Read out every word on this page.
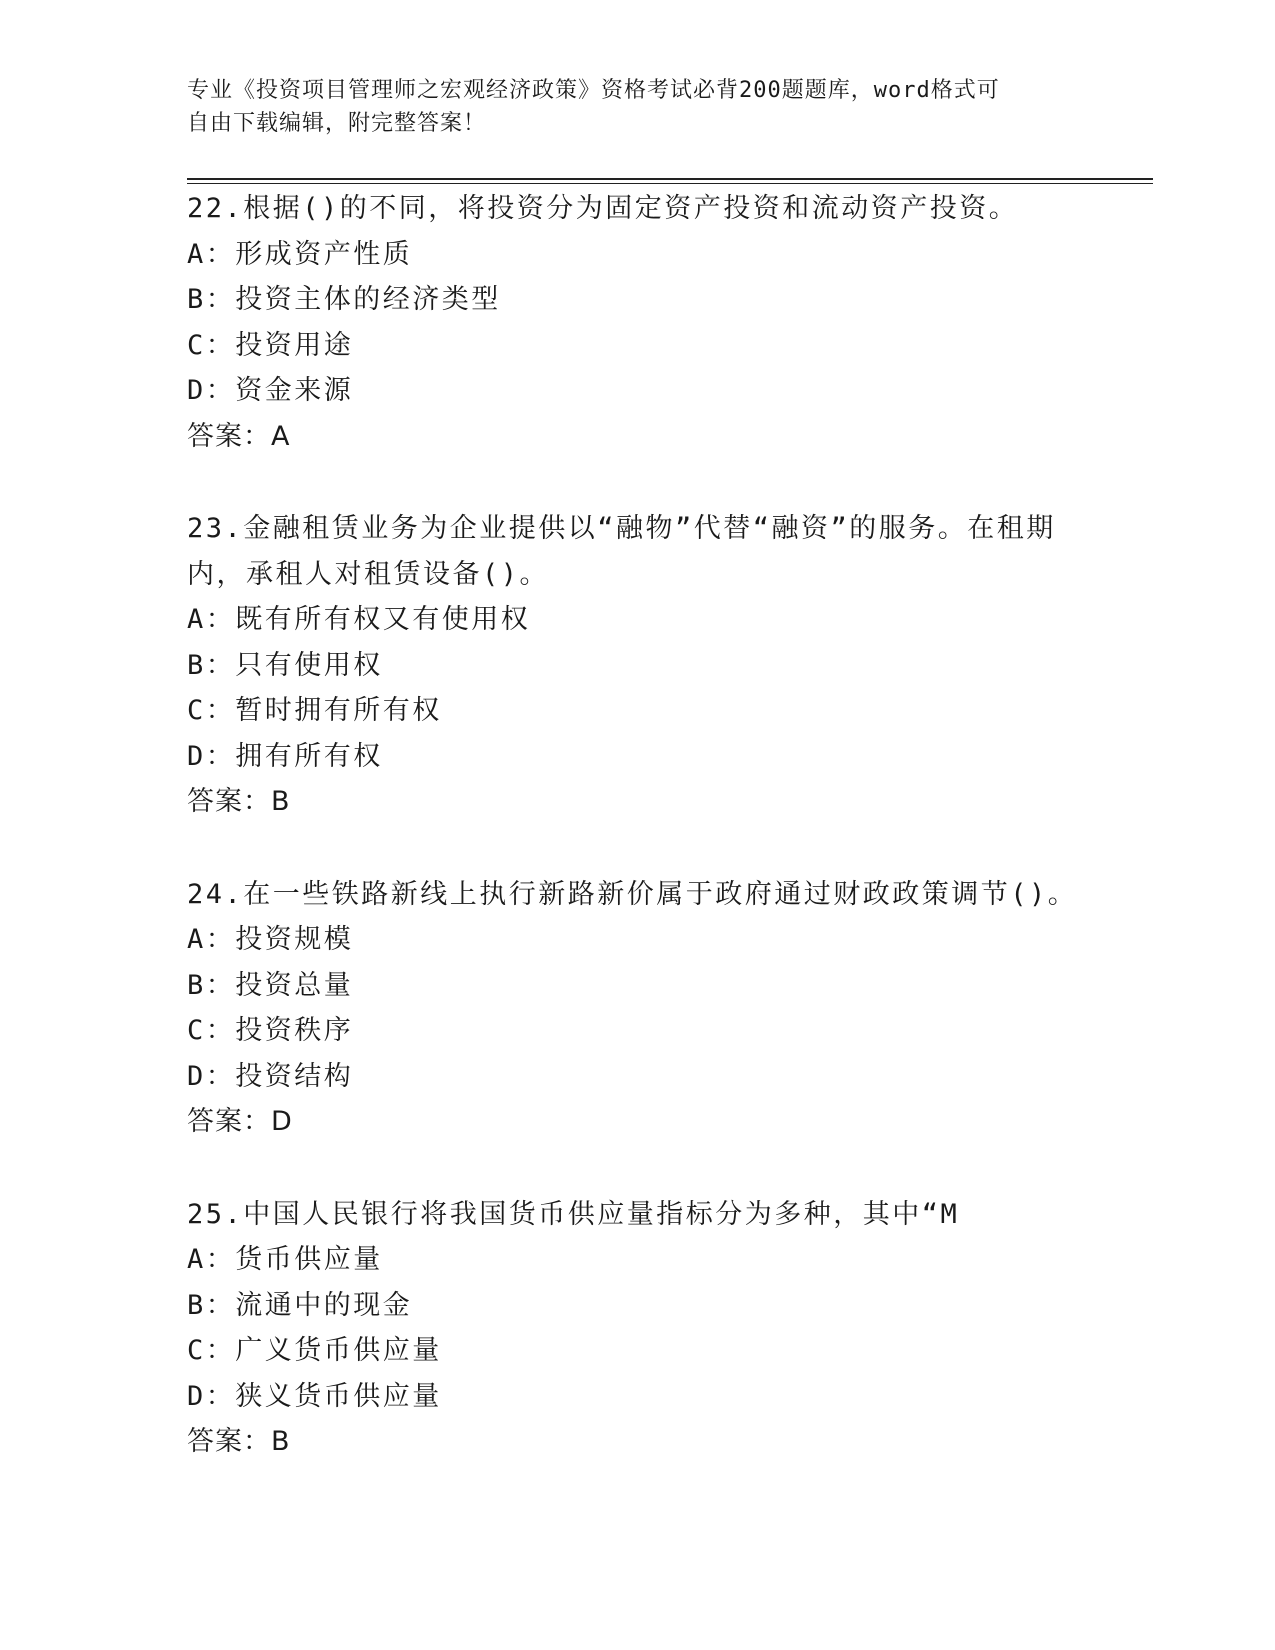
专业《投资项目管理师之宏观经济政策》资格考试必背200题题库，word格式可
自由下载编辑，附完整答案！
22.根据()的不同，将投资分为固定资产投资和流动资产投资。
A：形成资产性质
B：投资主体的经济类型
C：投资用途
D：资金来源
答案：A
23.金融租赁业务为企业提供以“融物”代替“融资”的服务。在租期内，承租人对租赁设备()。
A：既有所有权又有使用权
B：只有使用权
C：暂时拥有所有权
D：拥有所有权
答案：B
24.在一些铁路新线上执行新路新价属于政府通过财政政策调节()。
A：投资规模
B：投资总量
C：投资秩序
D：投资结构
答案：D
25.中国人民银行将我国货币供应量指标分为多种，其中“M
A：货币供应量
B：流通中的现金
C：广义货币供应量
D：狭义货币供应量
答案：B
